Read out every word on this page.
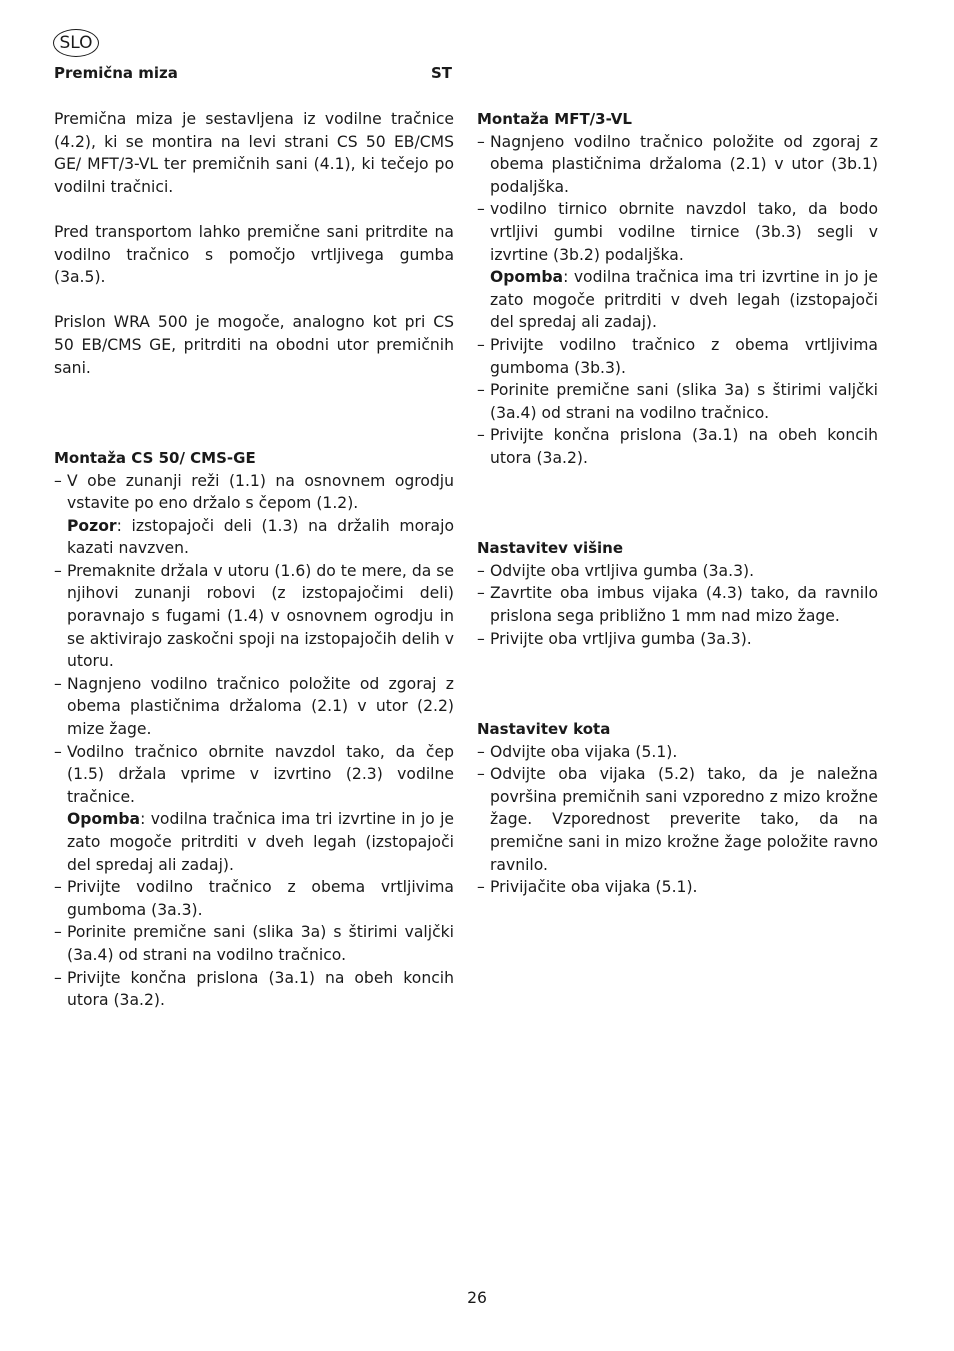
SLO
Premična miza	ST

Premična miza je sestavljena iz vodilne tračnice (4.2), ki se montira na levi strani CS 50 EB/CMS GE/ MFT/3-VL ter premičnih sani (4.1), ki tečejo po vodilni tračnici.

Pred transportom lahko premične sani pritrdite na vodilno tračnico s pomočjo vrtljivega gumba (3a.5).

Prislon WRA 500 je mogoče, analogno kot pri CS 50 EB/CMS GE, pritrditi na obodni utor premičnih sani.

Montaža CS 50/ CMS-GE
– V obe zunanji reži (1.1) na osnovnem ogrodju vstavite po eno držalo s čepom (1.2).
Pozor: izstopajoči deli (1.3) na držalih morajo kazati navzven.
– Premaknite držala v utoru (1.6) do te mere, da se njihovi zunanji robovi (z izstopajočimi deli) poravnajo s fugami (1.4) v osnovnem ogrodju in se aktivirajo zaskočni spoji na izstopajočih delih v utoru.
– Nagnjeno vodilno tračnico položite od zgoraj z obema plastičnima držaloma (2.1) v utor (2.2) mize žage.
– Vodilno tračnico obrnite navzdol tako, da čep (1.5) držala vprime v izvrtino (2.3) vodilne tračnice.
Opomba: vodilna tračnica ima tri izvrtine in jo je zato mogoče pritrditi v dveh legah (izstopajoči del spredaj ali zadaj).
– Privijte vodilno tračnico z obema vrtljivima gumboma (3a.3).
– Porinite premične sani (slika 3a) s štirimi valjčki (3a.4) od strani na vodilno tračnico.
– Privijte končna prislona (3a.1) na obeh koncih utora (3a.2).
Montaža MFT/3-VL
– Nagnjeno vodilno tračnico položite od zgoraj z obema plastičnima držaloma (2.1) v utor (3b.1) podaljška.
– vodilno tirnico obrnite navzdol tako, da bodo vrtljivi gumbi vodilne tirnice (3b.3) segli v izvrtine (3b.2) podaljška.
Opomba: vodilna tračnica ima tri izvrtine in jo je zato mogoče pritrditi v dveh legah (izstopajoči del spredaj ali zadaj).
– Privijte vodilno tračnico z obema vrtljivima gumboma (3b.3).
– Porinite premične sani (slika 3a) s štirimi valjčki (3a.4) od strani na vodilno tračnico.
– Privijte končna prislona (3a.1) na obeh koncih utora (3a.2).
Nastavitev višine
– Odvijte oba vrtljiva gumba (3a.3).
– Zavrtite oba imbus vijaka (4.3) tako, da ravnilo prislona sega približno 1 mm nad mizo žage.
– Privijte oba vrtljiva gumba (3a.3).
Nastavitev kota
– Odvijte oba vijaka (5.1).
– Odvijte oba vijaka (5.2) tako, da je naležna površina premičnih sani vzporedno z mizo krožne žage. Vzporednost preverite tako, da na premične sani in mizo krožne žage položite ravno ravnilo.
– Privijačite oba vijaka (5.1).
26
